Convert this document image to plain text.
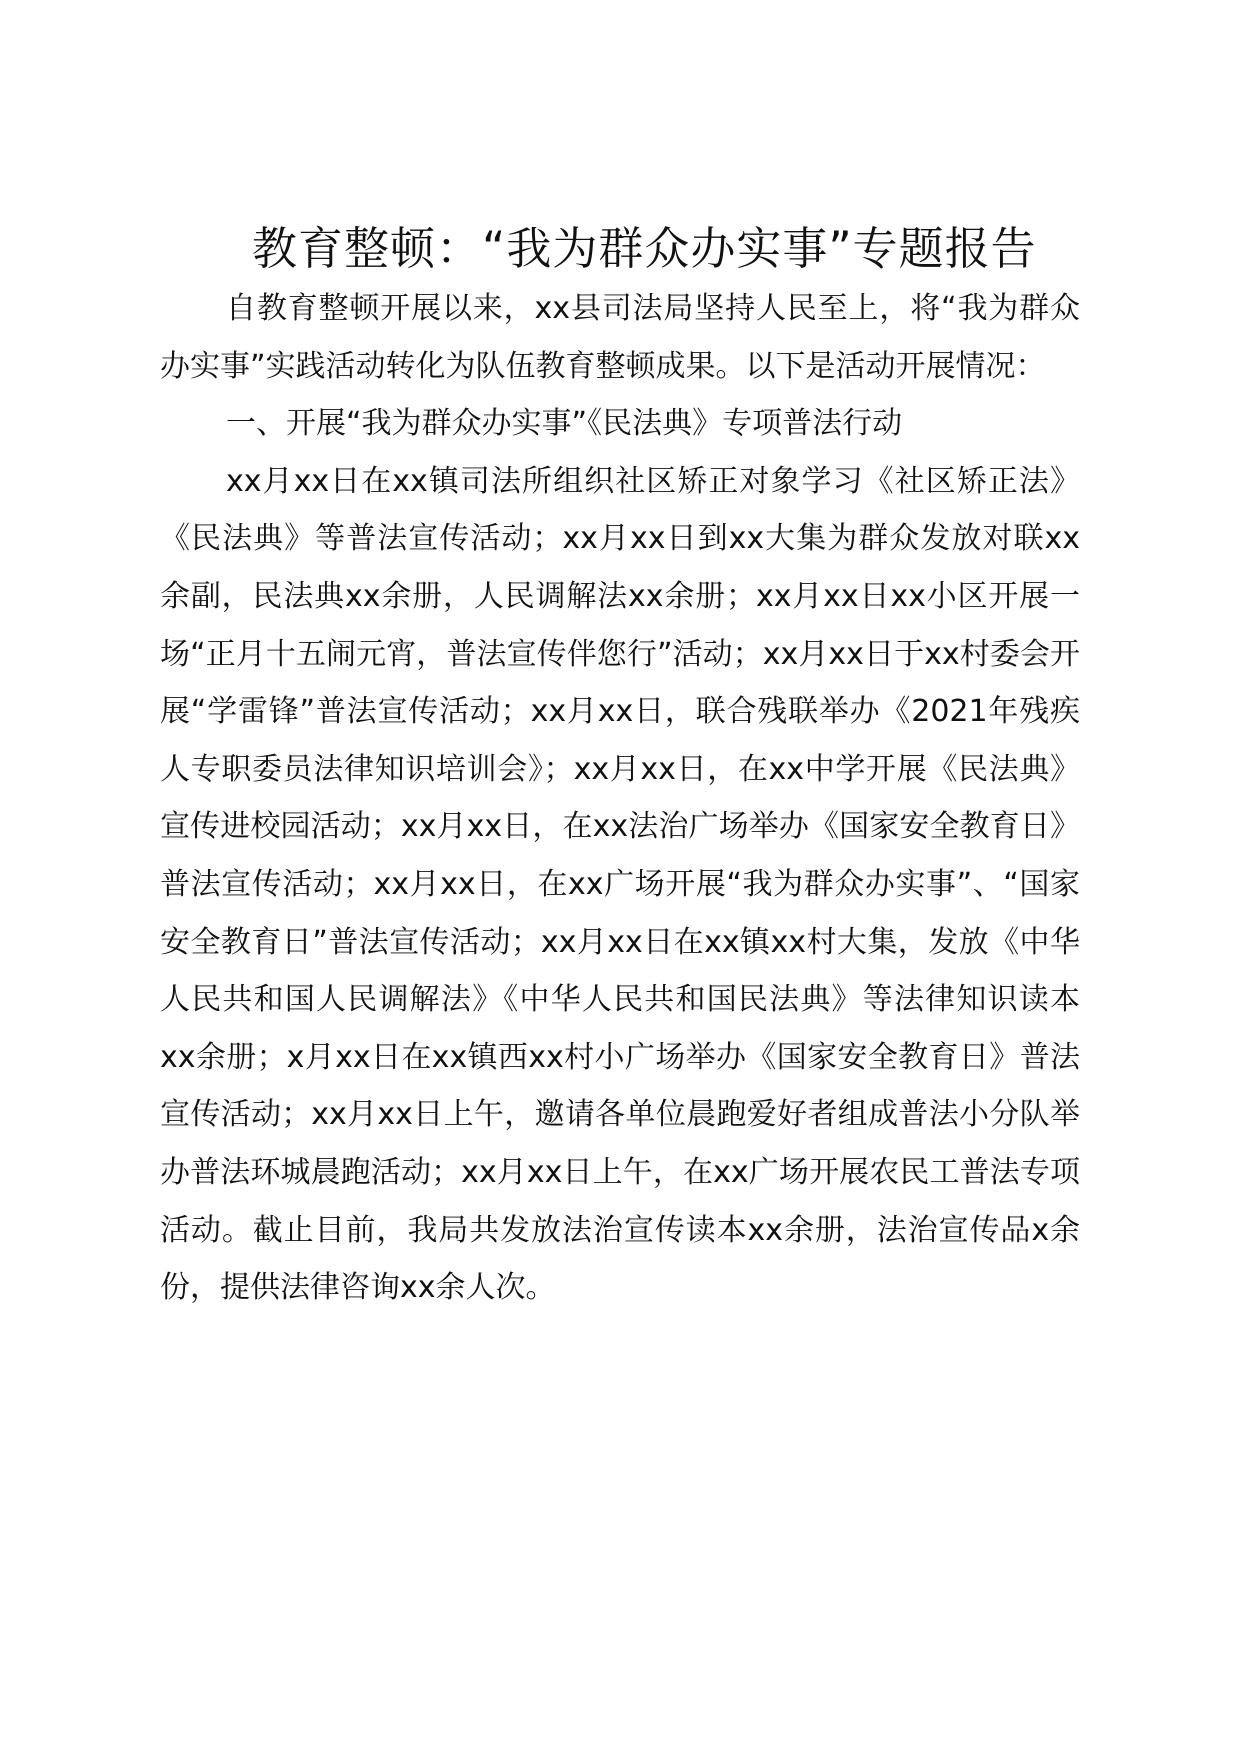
教育整顿：“我为群众办实事”专题报告

自教育整顿开展以来，xx县司法局坚持人民至上，将“我为群众办实事”实践活动转化为队伍教育整顿成果。以下是活动开展情况：

一、开展“我为群众办实事”《民法典》专项普法行动

xx月xx日在xx镇司法所组织社区矫正对象学习《社区矫正法》《民法典》等普法宣传活动；xx月xx日到xx大集为群众发放对联xx余副，民法典xx余册，人民调解法xx余册；xx月xx日xx小区开展一场“正月十五闹元宵，普法宣传伴您行”活动；xx月xx日于xx村委会开展“学雷锋”普法宣传活动；xx月xx日，联合残联举办《2021年残疾人专职委员法律知识培训会》；xx月xx日，在xx中学开展《民法典》宣传进校园活动；xx月xx日，在xx法治广场举办《国家安全教育日》普法宣传活动；xx月xx日，在xx广场开展“我为群众办实事”、“国家安全教育日”普法宣传活动；xx月xx日在xx镇xx村大集，发放《中华人民共和国人民调解法》《中华人民共和国民法典》等法律知识读本xx余册；x月xx日在xx镇西xx村小广场举办《国家安全教育日》普法宣传活动；xx月xx日上午，邀请各单位晨跑爱好者组成普法小分队举办普法环城晨跑活动；xx月xx日上午，在xx广场开展农民工普法专项活动。截止目前，我局共发放法治宣传读本xx余册，法治宣传品x余份，提供法律咨询xx余人次。
